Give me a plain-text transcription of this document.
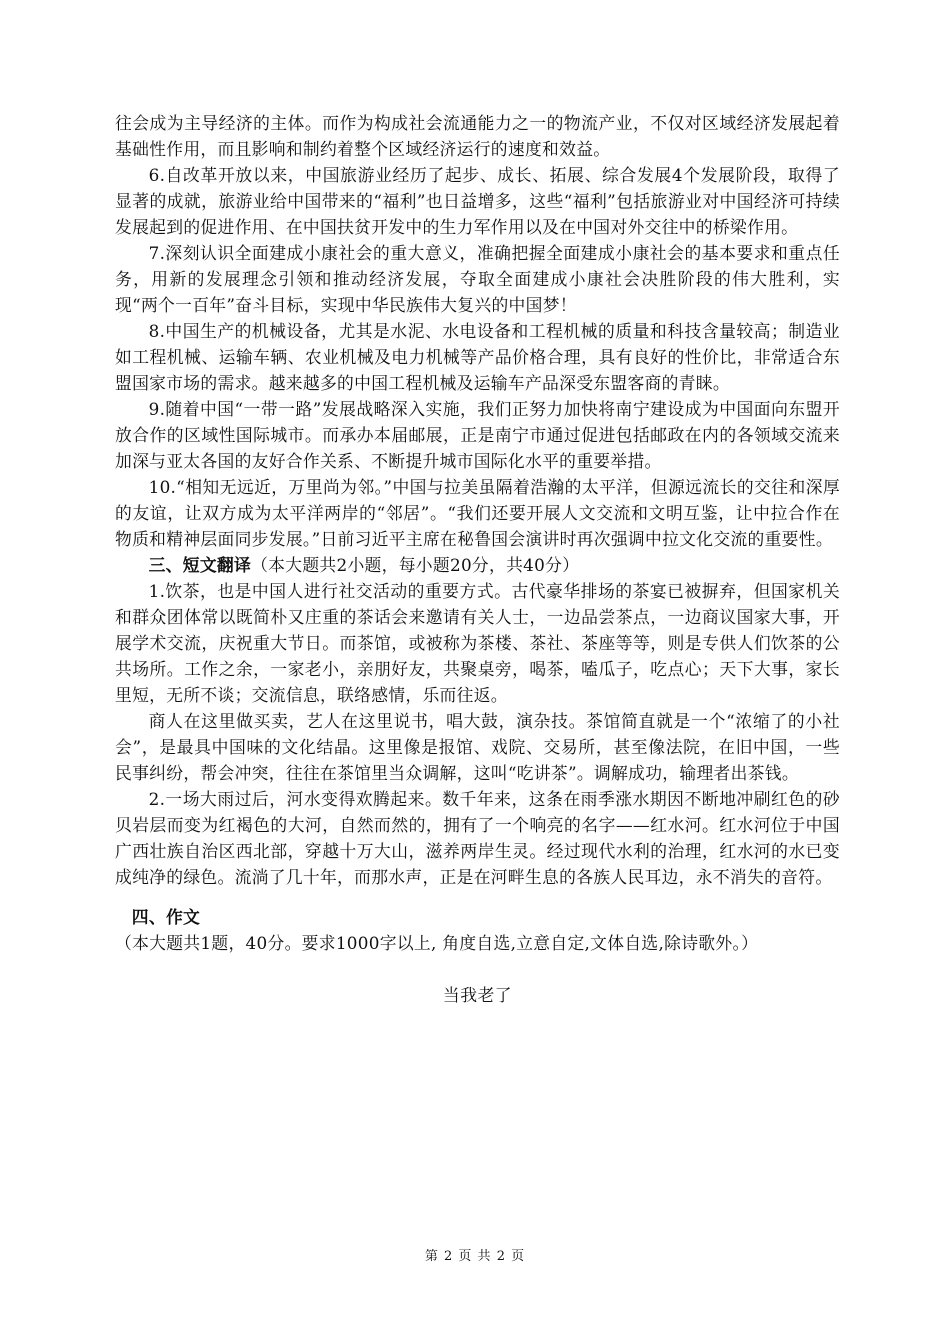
往会成为主导经济的主体。而作为构成社会流通能力之一的物流产业，不仅对区域经济发展起着基础性作用，而且影响和制约着整个区域经济运行的速度和效益。

6.自改革开放以来，中国旅游业经历了起步、成长、拓展、综合发展4个发展阶段，取得了显著的成就，旅游业给中国带来的“福利”也日益增多，这些“福利”包括旅游业对中国经济可持续发展起到的促进作用、在中国扶贫开发中的生力军作用以及在中国对外交往中的桥梁作用。

7.深刻认识全面建成小康社会的重大意义，准确把握全面建成小康社会的基本要求和重点任务，用新的发展理念引领和推动经济发展，夺取全面建成小康社会决胜阶段的伟大胜利，实现“两个一百年”奋斗目标，实现中华民族伟大复兴的中国梦！

8.中国生产的机械设备，尤其是水泥、水电设备和工程机械的质量和科技含量较高；制造业如工程机械、运输车辆、农业机械及电力机械等产品价格合理，具有良好的性价比，非常适合东盟国家市场的需求。越来越多的中国工程机械及运输车产品深受东盟客商的青睐。

9.随着中国“一带一路”发展战略深入实施，我们正努力加快将南宁建设成为中国面向东盟开放合作的区域性国际城市。而承办本届邮展，正是南宁市通过促进包括邮政在内的各领域交流来加深与亚太各国的友好合作关系、不断提升城市国际化水平的重要举措。

10.“相知无远近，万里尚为邻。”中国与拉美虽隔着浩瀚的太平洋，但源远流长的交往和深厚的友谊，让双方成为太平洋两岸的“邻居”。“我们还要开展人文交流和文明互鉴，让中拉合作在物质和精神层面同步发展。”日前习近平主席在秘鲁国会演讲时再次强调中拉文化交流的重要性。

三、短文翻译（本大题共2小题，每小题20分，共40分）

1.饮茶，也是中国人进行社交活动的重要方式。古代豪华排场的茶宴已被摒弃，但国家机关和群众团体常以既简朴又庄重的茶话会来邀请有关人士，一边品尝茶点，一边商议国家大事，开展学术交流，庆祝重大节日。而茶馆，或被称为茶楼、茶社、茶座等等，则是专供人们饮茶的公共场所。工作之余，一家老小，亲朋好友，共聚桌旁，喝茶，嗑瓜子，吃点心；天下大事，家长里短，无所不谈；交流信息，联络感情，乐而往返。

商人在这里做买卖，艺人在这里说书，唱大鼓，演杂技。茶馆简直就是一个“浓缩了的小社会”，是最具中国味的文化结晶。这里像是报馆、戏院、交易所，甚至像法院，在旧中国，一些民事纠纷，帮会冲突，往往在茶馆里当众调解，这叫“吃讲茶”。调解成功，输理者出茶钱。

2.一场大雨过后，河水变得欢腾起来。数千年来，这条在雨季涨水期因不断地冲刷红色的砂贝岩层而变为红褐色的大河，自然而然的，拥有了一个响亮的名字——红水河。红水河位于中国广西壮族自治区西北部，穿越十万大山，滋养两岸生灵。经过现代水利的治理，红水河的水已变成纯净的绿色。流淌了几十年，而那水声，正是在河畔生息的各族人民耳边，永不消失的音符。

四、作文（本大题共1题，40分。要求1000字以上, 角度自选,立意自定,文体自选,除诗歌外。）

当我老了
第 2 页 共 2 页
